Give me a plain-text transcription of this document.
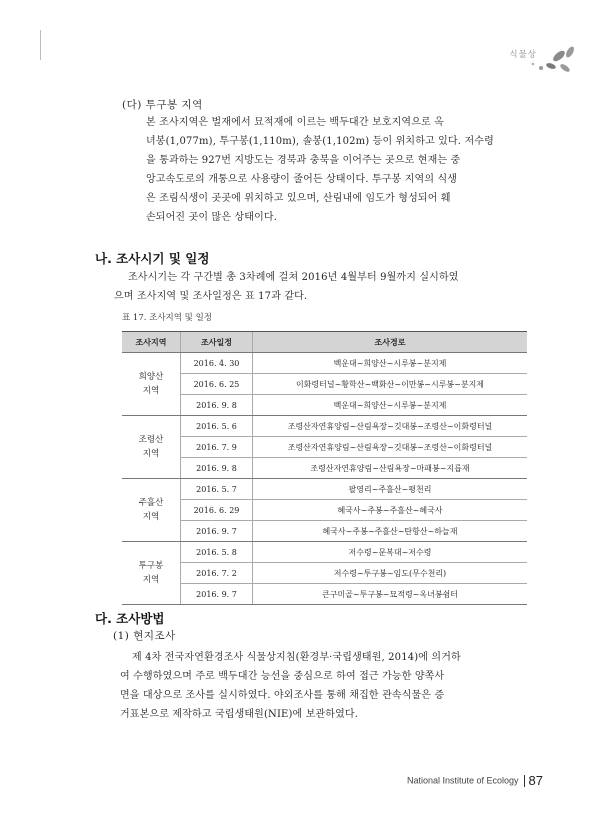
식물상
(다) 투구봉 지역
본 조사지역은 벌재에서 묘적재에 이르는 백두대간 보호지역으로 옥
녀봉(1,077m), 투구봉(1,110m), 솔봉(1,102m) 등이 위치하고 있다. 저수령
을 통과하는 927번 지방도는 경북과 충북을 이어주는 곳으로 현재는 중
앙고속도로의 개통으로 사용량이 줄어든 상태이다. 투구봉 지역의 식생
은 조림식생이 곳곳에 위치하고 있으며, 산림내에 임도가 형성되어 훼
손되어진 곳이 많은 상태이다.
나. 조사시기 및 일정
조사시기는 각 구간별 총 3차례에 걸쳐 2016년 4월부터 9월까지 실시하였
으며 조사지역 및 조사일정은 표 17과 같다.
표 17. 조사지역 및 일정
조사지역	조사일정	조사경로
희양산
지역	2016. 4. 30	백운대~희양산~시루봉~분지제
	2016. 6. 25	이화령터널~황학산~백화산~이만봉~시루봉~분지제
	2016. 9. 8	백운대~희양산~시루봉~분지제
조령산
지역	2016. 5. 6	조령산자연휴양림~산림욕장~깃대봉~조령산~이화령터널
	2016. 7. 9	조령산자연휴양림~산림욕장~깃대봉~조령산~이화령터널
	2016. 9. 8	조령산자연휴양림~산림욕장~마패봉~지릅재
주흘산
지역	2016. 5. 7	팔영리~주흘산~평천리
	2016. 6. 29	혜국사~주봉~주흘산~혜국사
	2016. 9. 7	혜국사~주봉~주흘산~탄항산~하늘재
투구봉
지역	2016. 5. 8	저수령~문복대~저수령
	2016. 7. 2	저수령~투구봉~임도(무수천리)
	2016. 9. 7	큰구미골~투구봉~묘적령~옥녀봉쉼터
다. 조사방법
(1) 현지조사
제 4차 전국자연환경조사 식물상지침(환경부·국립생태원, 2014)에 의거하
여 수행하였으며 주로 백두대간 능선을 중심으로 하여 접근 가능한 양쪽사
면을 대상으로 조사를 실시하였다. 야외조사를 통해 채집한 관속식물은 증
거표본으로 제작하고 국립생태원(NIE)에 보관하였다.
National Institute of Ecology 87
